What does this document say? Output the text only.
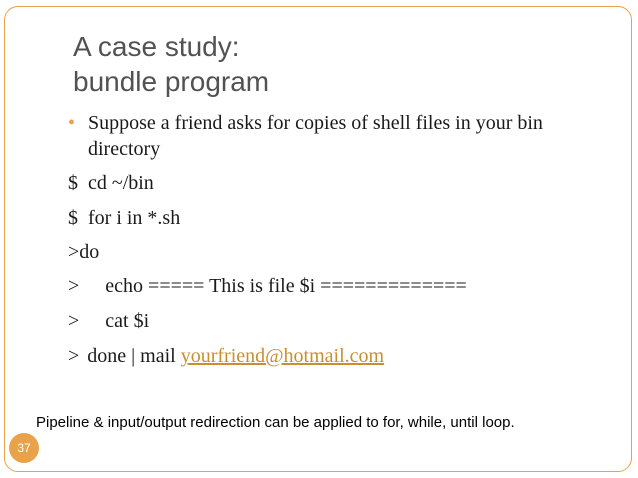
A case study:
bundle program
• Suppose a friend asks for copies of shell files in your bin directory
$ cd ~/bin
$ for i in *.sh
>do
> echo ===== This is file $i =============
> cat $i
> done | mail yourfriend@hotmail.com
Pipeline & input/output redirection can be applied to for, while, until loop.
37
